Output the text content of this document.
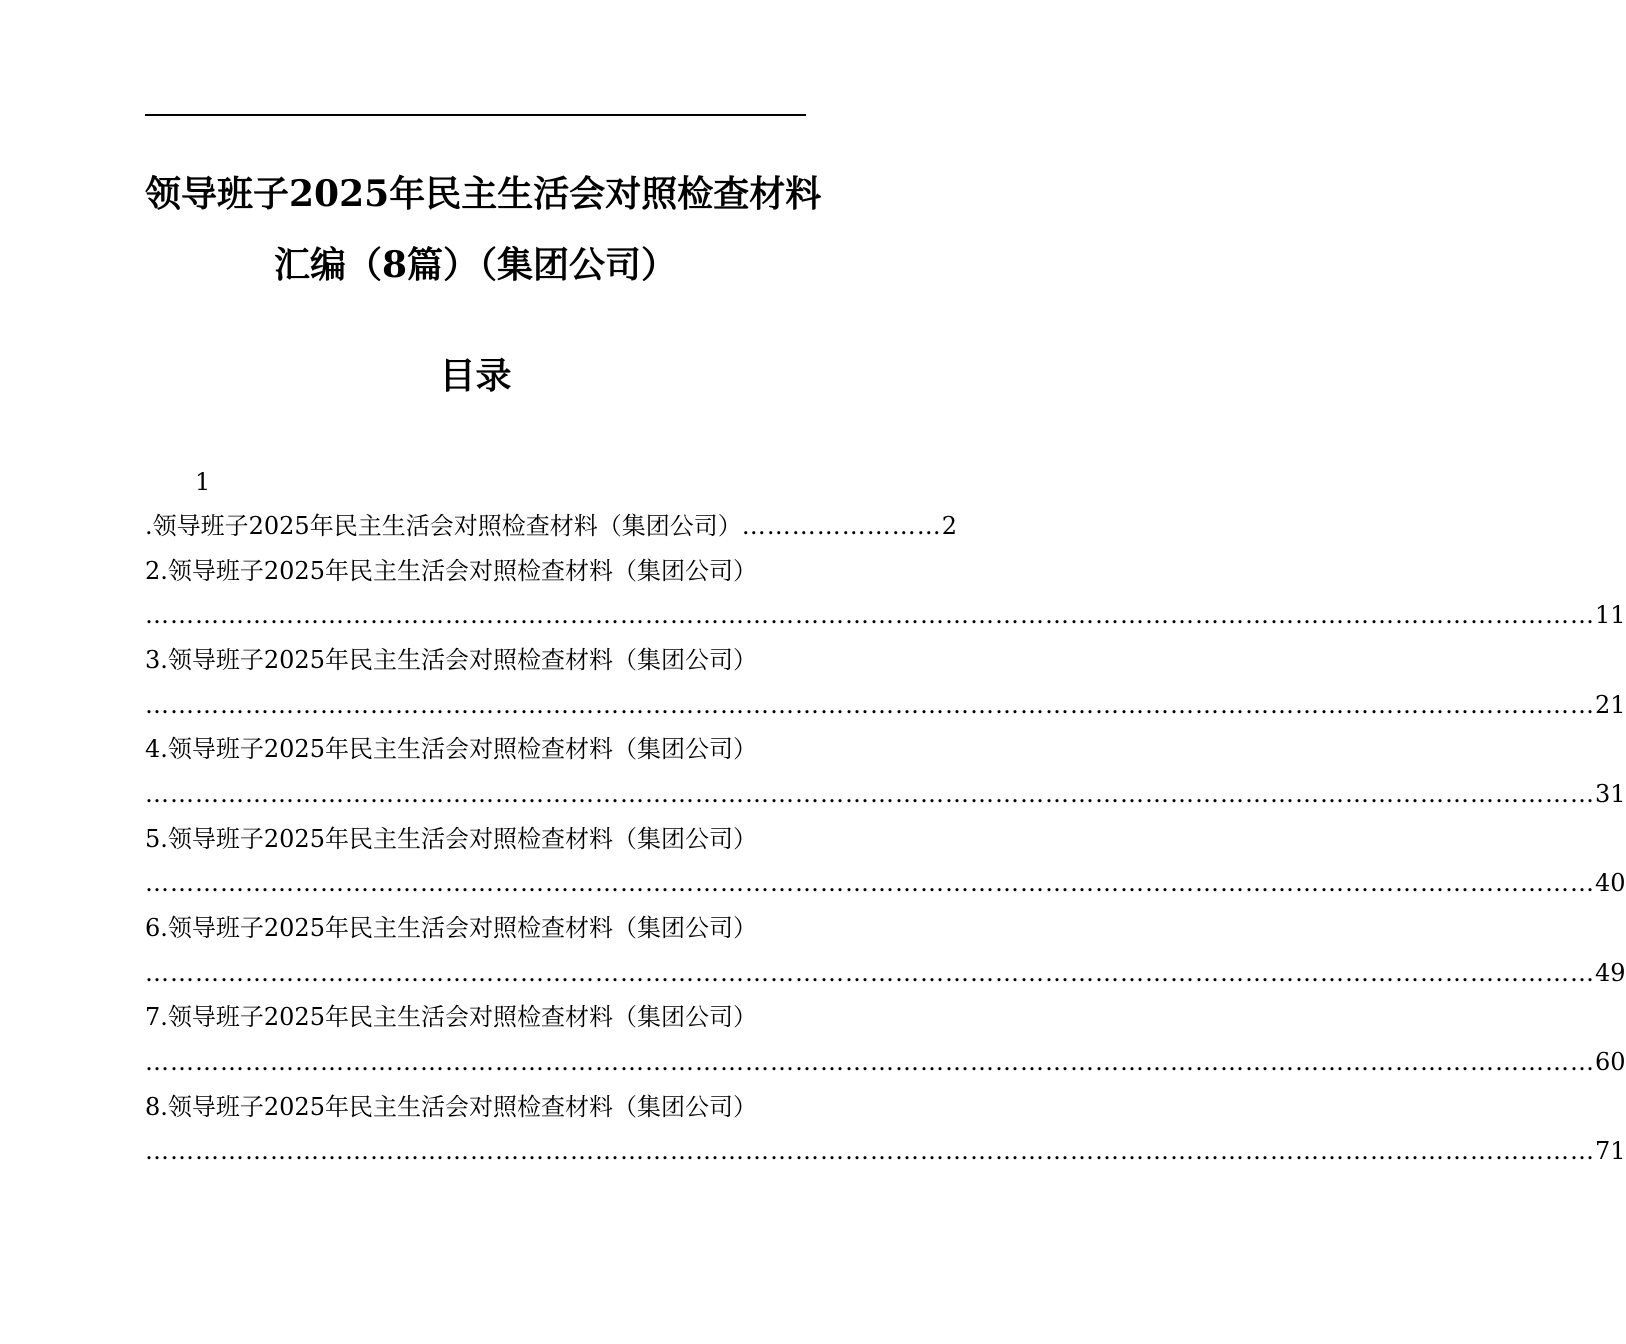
领导班子2025年民主生活会对照检查材料
汇编（8篇）（集团公司）
目录
1
.领导班子2025年民主生活会对照检查材料（集团公司） …………………… 2
2.领导班子2025年民主生活会对照检查材料（集团公司）
………………………………………………………………………………………………………………………………………………………… 11
3.领导班子2025年民主生活会对照检查材料（集团公司）
………………………………………………………………………………………………………………………………………………………… 21
4.领导班子2025年民主生活会对照检查材料（集团公司）
………………………………………………………………………………………………………………………………………………………… 31
5.领导班子2025年民主生活会对照检查材料（集团公司）
………………………………………………………………………………………………………………………………………………………… 40
6.领导班子2025年民主生活会对照检查材料（集团公司）
………………………………………………………………………………………………………………………………………………………… 49
7.领导班子2025年民主生活会对照检查材料（集团公司）
………………………………………………………………………………………………………………………………………………………… 60
8.领导班子2025年民主生活会对照检查材料（集团公司）
………………………………………………………………………………………………………………………………………………………… 71
